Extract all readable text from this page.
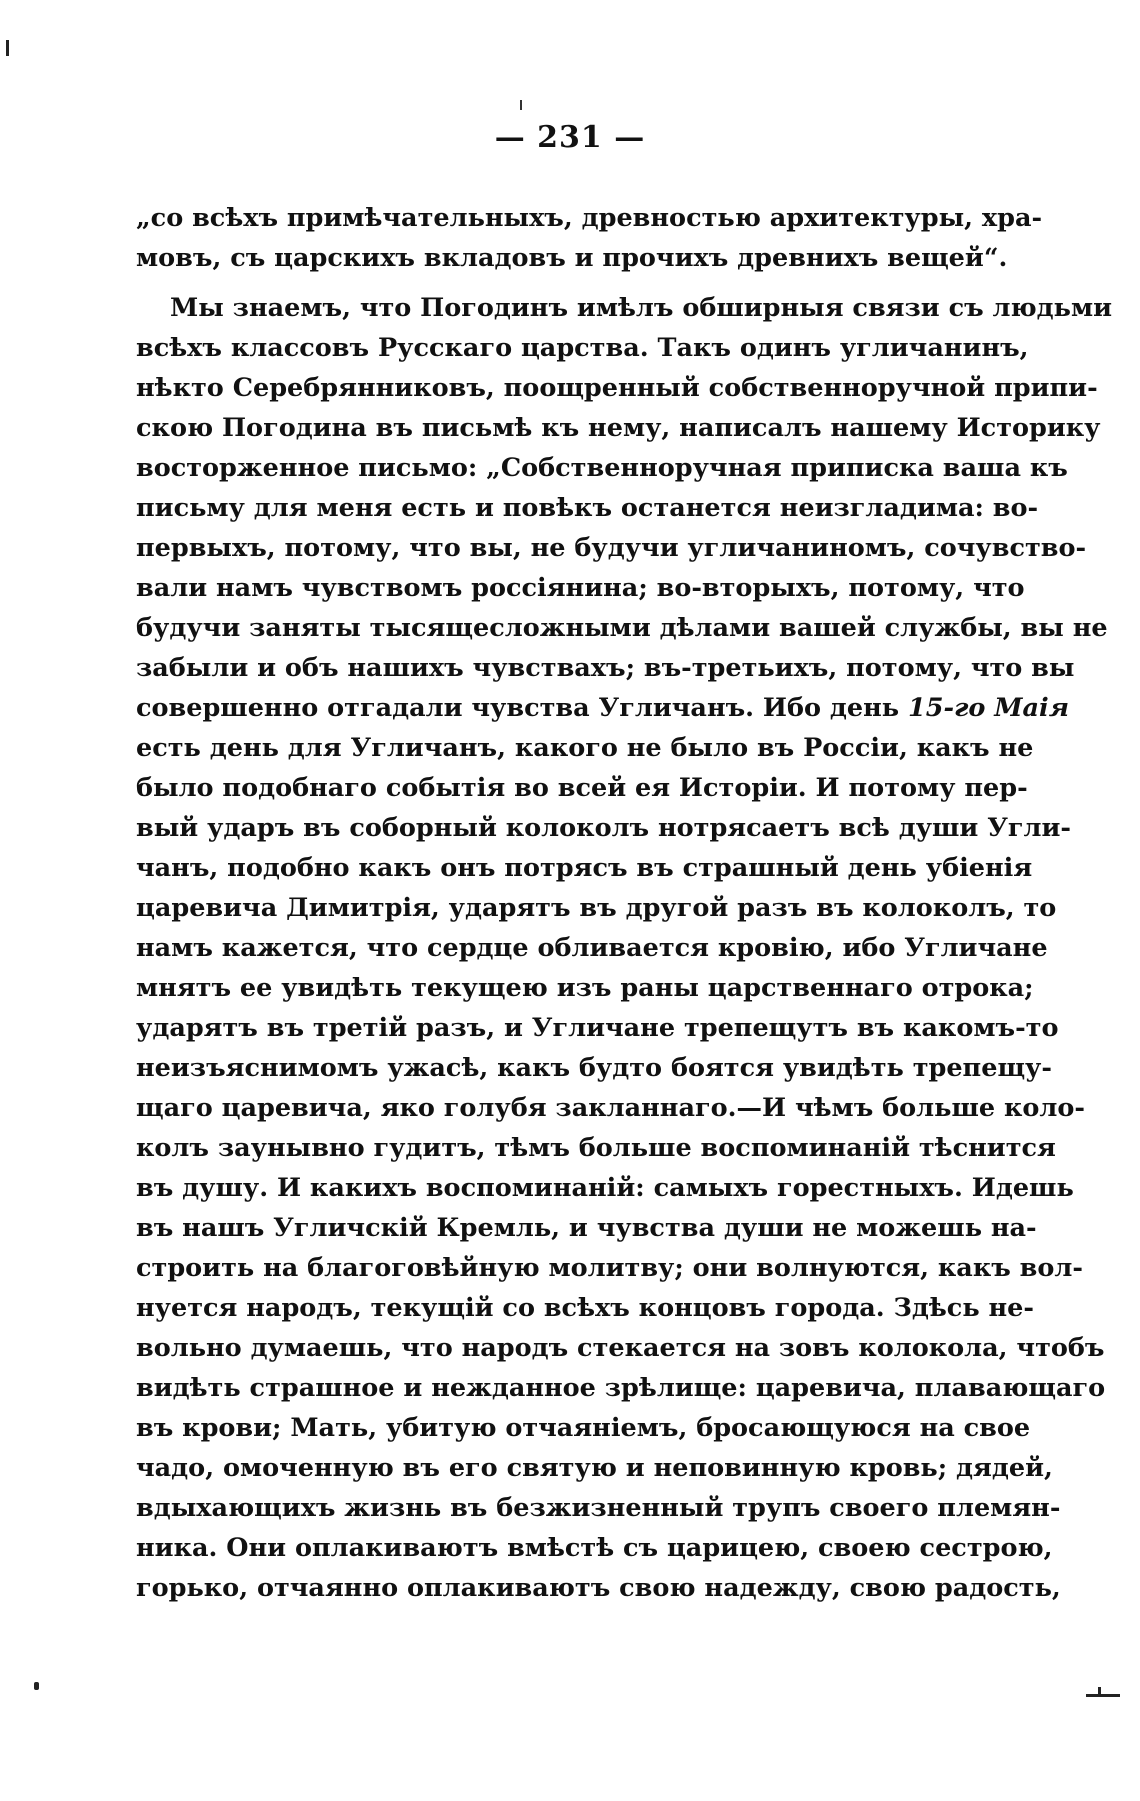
— 231 —
„со всѣхъ примѣчательныхъ, древностью архитектуры, хра-
мовъ, съ царскихъ вкладовъ и прочихъ древнихъ вещей“.
Мы знаемъ, что Погодинъ имѣлъ обширныя связи съ людьми
всѣхъ классовъ Русскаго царства. Такъ одинъ угличанинъ,
нѣкто Серебрянниковъ, поощренный собственноручной припи-
скою Погодина въ письмѣ къ нему, написалъ нашему Историку
восторженное письмо: „Собственноручная приписка ваша къ
письму для меня есть и повѣкъ останется неизгладима: во-
первыхъ, потому, что вы, не будучи угличаниномъ, сочувство-
вали намъ чувствомъ россіянина; во-вторыхъ, потому, что
будучи заняты тысящесложными дѣлами вашей службы, вы не
забыли и объ нашихъ чувствахъ; въ-третьихъ, потому, что вы
совершенно отгадали чувства Угличанъ. Ибо день 15-го Маія
есть день для Угличанъ, какого не было въ Россіи, какъ не
было подобнаго событія во всей ея Исторіи. И потому пер-
вый ударъ въ соборный колоколъ нотрясаетъ всѣ души Угли-
чанъ, подобно какъ онъ потрясъ въ страшный день убіенія
царевича Димитрія, ударятъ въ другой разъ въ колоколъ, то
намъ кажется, что сердце обливается кровію, ибо Угличане
мнятъ ее увидѣть текущею изъ раны царственнаго отрока;
ударятъ въ третій разъ, и Угличане трепещутъ въ какомъ-то
неизъяснимомъ ужасѣ, какъ будто боятся увидѣть трепещу-
щаго царевича, яко голубя закланнаго.—И чѣмъ больше коло-
колъ заунывно гудитъ, тѣмъ больше воспоминаній тѣснится
въ душу. И какихъ воспоминаній: самыхъ горестныхъ. Идешь
въ нашъ Угличскій Кремль, и чувства души не можешь на-
строить на благоговѣйную молитву; они волнуются, какъ вол-
нуется народъ, текущій со всѣхъ концовъ города. Здѣсь не-
вольно думаешь, что народъ стекается на зовъ колокола, чтобъ
видѣть страшное и нежданное зрѣлище: царевича, плавающаго
въ крови; Мать, убитую отчаяніемъ, бросающуюся на свое
чадо, омоченную въ его святую и неповинную кровь; дядей,
вдыхающихъ жизнь въ безжизненный трупъ своего племян-
ника. Они оплакиваютъ вмѣстѣ съ царицею, своею сестрою,
горько, отчаянно оплакиваютъ свою надежду, свою радость,
